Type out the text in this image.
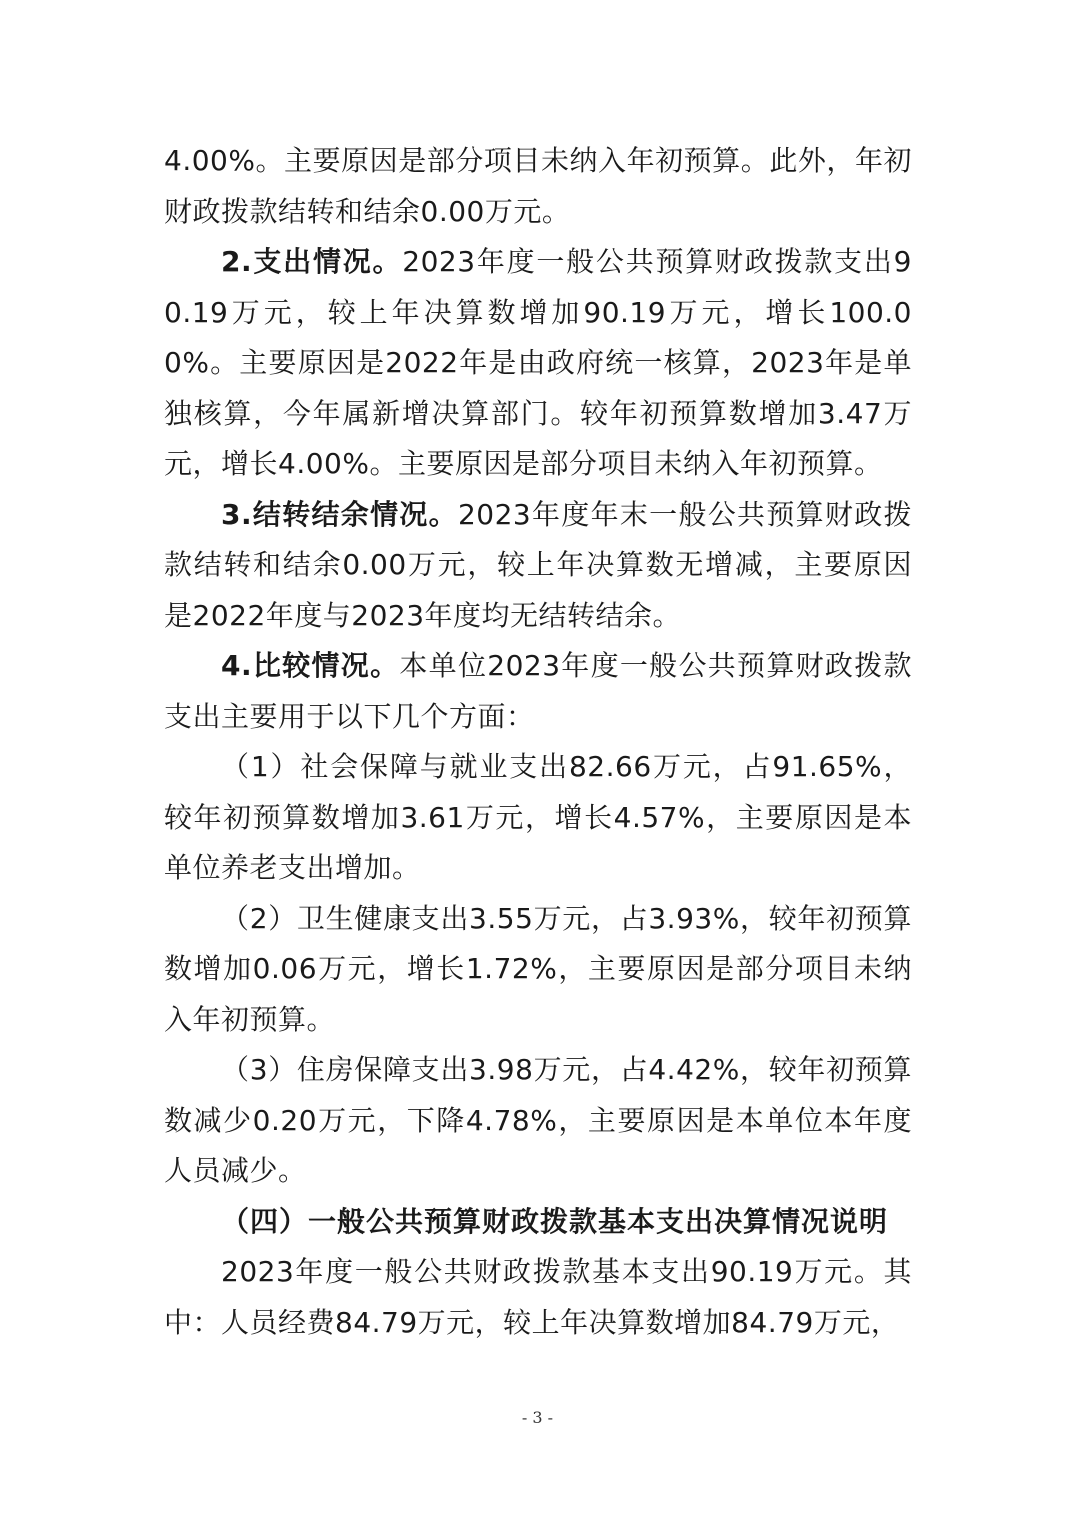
4.00%。主要原因是部分项目未纳入年初预算。此外，年初财政拨款结转和结余0.00万元。

2.支出情况。2023年度一般公共预算财政拨款支出90.19万元，较上年决算数增加90.19万元，增长100.00%。主要原因是2022年是由政府统一核算，2023年是单独核算，今年属新增决算部门。较年初预算数增加3.47万元，增长4.00%。主要原因是部分项目未纳入年初预算。

3.结转结余情况。2023年度年末一般公共预算财政拨款结转和结余0.00万元，较上年决算数无增减，主要原因是2022年度与2023年度均无结转结余。

4.比较情况。本单位2023年度一般公共预算财政拨款支出主要用于以下几个方面：

（1）社会保障与就业支出82.66万元，占91.65%，较年初预算数增加3.61万元，增长4.57%，主要原因是本单位养老支出增加。

（2）卫生健康支出3.55万元，占3.93%，较年初预算数增加0.06万元，增长1.72%，主要原因是部分项目未纳入年初预算。

（3）住房保障支出3.98万元，占4.42%，较年初预算数减少0.20万元，下降4.78%，主要原因是本单位本年度人员减少。

（四）一般公共预算财政拨款基本支出决算情况说明

2023年度一般公共财政拨款基本支出90.19万元。其中：人员经费84.79万元，较上年决算数增加84.79万元，

- 3 -
